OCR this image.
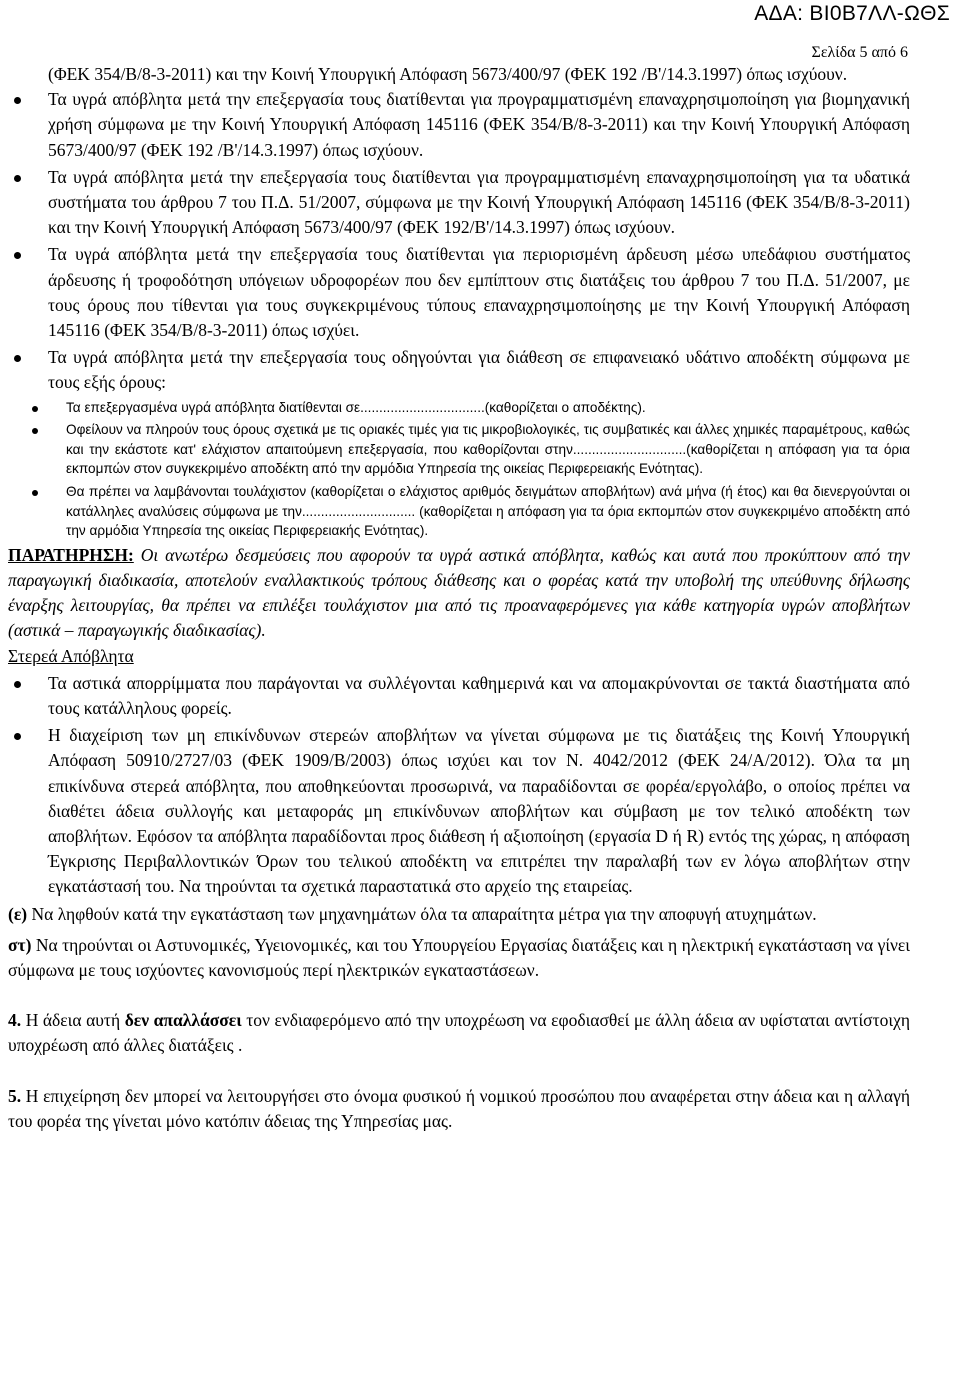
ΑΔΑ: ΒΙ0Β7ΛΛ-ΩΘΣ
Σελίδα 5 από 6

(ΦΕΚ 354/Β/8-3-2011) και την Κοινή Υπουργική Απόφαση 5673/400/97 (ΦΕΚ 192 /Β'/14.3.1997) όπως ισχύουν.

Τα υγρά απόβλητα μετά την επεξεργασία τους διατίθενται για προγραμματισμένη επαναχρησιμοποίηση για βιομηχανική χρήση σύμφωνα με την Κοινή Υπουργική Απόφαση 145116 (ΦΕΚ 354/Β/8-3-2011) και την Κοινή Υπουργική Απόφαση 5673/400/97 (ΦΕΚ 192 /Β'/14.3.1997) όπως ισχύουν.

Τα υγρά απόβλητα μετά την επεξεργασία τους διατίθενται για προγραμματισμένη επαναχρησιμοποίηση για τα υδατικά συστήματα του άρθρου 7 του Π.Δ. 51/2007, σύμφωνα με την Κοινή Υπουργική Απόφαση 145116 (ΦΕΚ 354/Β/8-3-2011) και την Κοινή Υπουργική Απόφαση 5673/400/97 (ΦΕΚ 192/Β'/14.3.1997) όπως ισχύουν.

Τα υγρά απόβλητα μετά την επεξεργασία τους διατίθενται για περιορισμένη άρδευση μέσω υπεδάφιου συστήματος άρδευσης ή τροφοδότηση υπόγειων υδροφορέων που δεν εμπίπτουν στις διατάξεις του άρθρου 7 του Π.Δ. 51/2007, με τους όρους που τίθενται για τους συγκεκριμένους τύπους επαναχρησιμοποίησης με την Κοινή Υπουργική Απόφαση 145116 (ΦΕΚ 354/Β/8-3-2011) όπως ισχύει.

Τα υγρά απόβλητα μετά την επεξεργασία τους οδηγούνται για διάθεση σε επιφανειακό υδάτινο αποδέκτη σύμφωνα με τους εξής όρους:

Τα επεξεργασμένα υγρά απόβλητα διατίθενται σε.................................(καθορίζεται ο αποδέκτης).

Οφείλουν να πληρούν τους όρους σχετικά με τις οριακές τιμές για τις μικροβιολογικές, τις συμβατικές και άλλες χημικές παραμέτρους, καθώς και την εκάστοτε κατ' ελάχιστον απαιτούμενη επεξεργασία, που καθορίζονται στην..............................(καθορίζεται η απόφαση για τα όρια εκπομπών στον συγκεκριμένο αποδέκτη από την αρμόδια Υπηρεσία της οικείας Περιφερειακής Ενότητας).

Θα πρέπει να λαμβάνονται τουλάχιστον (καθορίζεται ο ελάχιστος αριθμός δειγμάτων αποβλήτων) ανά μήνα (ή έτος) και θα διενεργούνται οι κατάλληλες αναλύσεις σύμφωνα με την.............................. (καθορίζεται η απόφαση για τα όρια εκπομπών στον συγκεκριμένο αποδέκτη από την αρμόδια Υπηρεσία της οικείας Περιφερειακής Ενότητας).

ΠΑΡΑΤΗΡΗΣΗ: Οι ανωτέρω δεσμεύσεις που αφορούν τα υγρά αστικά απόβλητα, καθώς και αυτά που προκύπτουν από την παραγωγική διαδικασία, αποτελούν εναλλακτικούς τρόπους διάθεσης και ο φορέας κατά την υποβολή της υπεύθυνης δήλωσης έναρξης λειτουργίας, θα πρέπει να επιλέξει τουλάχιστον μια από τις προαναφερόμενες για κάθε κατηγορία υγρών αποβλήτων (αστικά – παραγωγικής διαδικασίας).

Στερεά Απόβλητα

Τα αστικά απορρίμματα που παράγονται να συλλέγονται καθημερινά και να απομακρύνονται σε τακτά διαστήματα από τους κατάλληλους φορείς.

Η διαχείριση των μη επικίνδυνων στερεών αποβλήτων να γίνεται σύμφωνα με τις διατάξεις της Κοινή Υπουργική Απόφαση 50910/2727/03 (ΦΕΚ 1909/Β/2003) όπως ισχύει και τον Ν. 4042/2012 (ΦΕΚ 24/Α/2012). Όλα τα μη επικίνδυνα στερεά απόβλητα, που αποθηκεύονται προσωρινά, να παραδίδονται σε φορέα/εργολάβο, ο οποίος πρέπει να διαθέτει άδεια συλλογής και μεταφοράς μη επικίνδυνων αποβλήτων και σύμβαση με τον τελικό αποδέκτη των αποβλήτων. Εφόσον τα απόβλητα παραδίδονται προς διάθεση ή αξιοποίηση (εργασία D ή R) εντός της χώρας, η απόφαση Έγκρισης Περιβαλλοντικών Όρων του τελικού αποδέκτη να επιτρέπει την παραλαβή των εν λόγω αποβλήτων στην εγκατάστασή του. Να τηρούνται τα σχετικά παραστατικά στο αρχείο της εταιρείας.

(ε) Να ληφθούν κατά την εγκατάσταση των μηχανημάτων όλα τα απαραίτητα μέτρα για την αποφυγή ατυχημάτων.

στ) Να τηρούνται οι Αστυνομικές, Υγειονομικές, και του Υπουργείου Εργασίας διατάξεις και η ηλεκτρική εγκατάσταση να γίνει σύμφωνα με τους ισχύοντες κανονισμούς περί ηλεκτρικών εγκαταστάσεων.

4. Η άδεια αυτή δεν απαλλάσσει τον ενδιαφερόμενο από την υποχρέωση να εφοδιασθεί με άλλη άδεια αν υφίσταται αντίστοιχη υποχρέωση από άλλες διατάξεις .

5. Η επιχείρηση δεν μπορεί να λειτουργήσει στο όνομα φυσικού ή νομικού προσώπου που αναφέρεται στην άδεια και η αλλαγή του φορέα της γίνεται μόνο κατόπιν άδειας της Υπηρεσίας μας.
